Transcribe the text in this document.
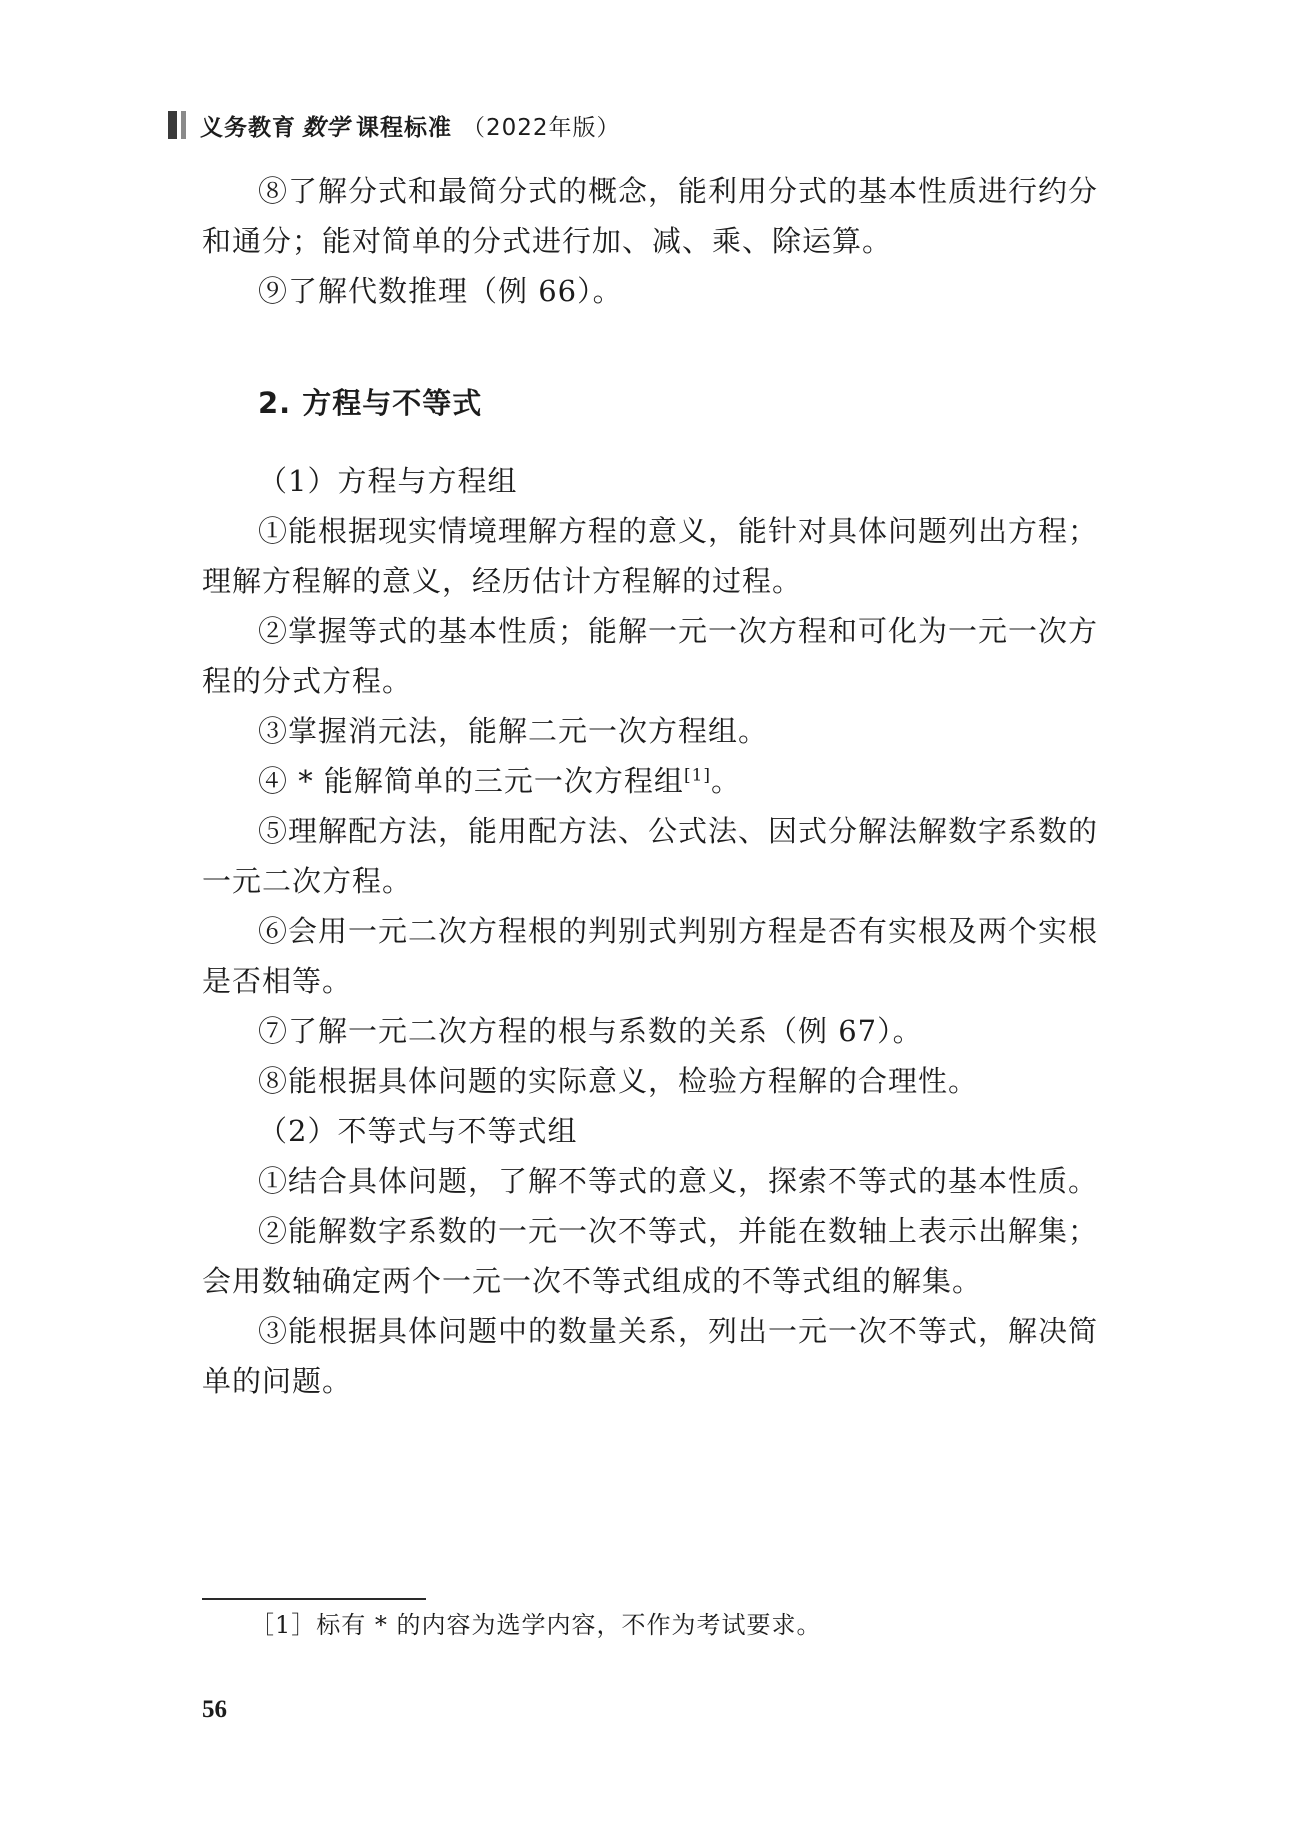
义务教育 数学 课程标准 （2022年版）

⑧了解分式和最简分式的概念，能利用分式的基本性质进行约分和通分；能对简单的分式进行加、减、乘、除运算。

⑨了解代数推理（例 66）。

2. 方程与不等式

（1）方程与方程组

①能根据现实情境理解方程的意义，能针对具体问题列出方程；理解方程解的意义，经历估计方程解的过程。

②掌握等式的基本性质；能解一元一次方程和可化为一元一次方程的分式方程。

③掌握消元法，能解二元一次方程组。

④ * 能解简单的三元一次方程组[1]。

⑤理解配方法，能用配方法、公式法、因式分解法解数字系数的一元二次方程。

⑥会用一元二次方程根的判别式判别方程是否有实根及两个实根是否相等。

⑦了解一元二次方程的根与系数的关系（例 67）。

⑧能根据具体问题的实际意义，检验方程解的合理性。

（2）不等式与不等式组

①结合具体问题，了解不等式的意义，探索不等式的基本性质。

②能解数字系数的一元一次不等式，并能在数轴上表示出解集；会用数轴确定两个一元一次不等式组成的不等式组的解集。

③能根据具体问题中的数量关系，列出一元一次不等式，解决简单的问题。

［1］标有 * 的内容为选学内容，不作为考试要求。
56
